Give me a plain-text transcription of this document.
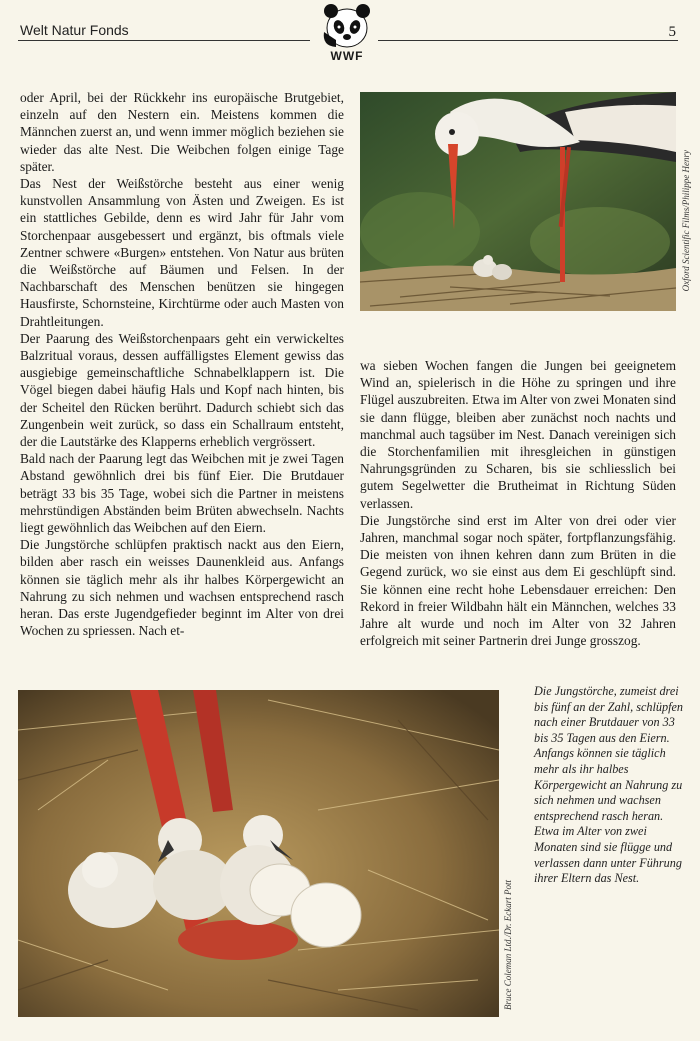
Welt Natur Fonds
WWF
5

oder April, bei der Rückkehr ins europäische Brutgebiet, einzeln auf den Nestern ein. Meistens kommen die Männchen zuerst an, und wenn immer möglich beziehen sie wieder das alte Nest. Die Weibchen folgen einige Tage später.

Das Nest der Weißstörche besteht aus einer wenig kunstvollen Ansammlung von Ästen und Zweigen. Es ist ein stattliches Gebilde, denn es wird Jahr für Jahr vom Storchenpaar ausgebessert und ergänzt, bis oftmals viele Zentner schwere «Burgen» entstehen. Von Natur aus brüten die Weißstörche auf Bäumen und Felsen. In der Nachbarschaft des Menschen benützen sie hingegen Hausfirste, Schornsteine, Kirchtürme oder auch Masten von Drahtleitungen.

Der Paarung des Weißstorchenpaars geht ein verwickeltes Balzritual voraus, dessen auffälligstes Element gewiss das ausgiebige gemeinschaftliche Schnabelklappern ist. Die Vögel biegen dabei häufig Hals und Kopf nach hinten, bis der Scheitel den Rücken berührt. Dadurch schiebt sich das Zungenbein weit zurück, so dass ein Schallraum entsteht, der die Lautstärke des Klapperns erheblich vergrössert.

Bald nach der Paarung legt das Weibchen mit je zwei Tagen Abstand gewöhnlich drei bis fünf Eier. Die Brutdauer beträgt 33 bis 35 Tage, wobei sich die Partner in meistens mehrstündigen Abständen beim Brüten abwechseln. Nachts liegt gewöhnlich das Weibchen auf den Eiern.

Die Jungstörche schlüpfen praktisch nackt aus den Eiern, bilden aber rasch ein weisses Daunenkleid aus. Anfangs können sie täglich mehr als ihr halbes Körpergewicht an Nahrung zu sich nehmen und wachsen entsprechend rasch heran. Das erste Jugendgefieder beginnt im Alter von drei Wochen zu spriessen. Nach et-

Oxford Scientific Films/Philippe Henry

wa sieben Wochen fangen die Jungen bei geeignetem Wind an, spielerisch in die Höhe zu springen und ihre Flügel auszubreiten. Etwa im Alter von zwei Monaten sind sie dann flügge, bleiben aber zunächst noch nachts und manchmal auch tagsüber im Nest. Danach vereinigen sich die Storchenfamilien mit ihresgleichen in günstigen Nahrungsgründen zu Scharen, bis sie schliesslich bei gutem Segelwetter die Brutheimat in Richtung Süden verlassen.

Die Jungstörche sind erst im Alter von drei oder vier Jahren, manchmal sogar noch später, fortpflanzungsfähig. Die meisten von ihnen kehren dann zum Brüten in die Gegend zurück, wo sie einst aus dem Ei geschlüpft sind. Sie können eine recht hohe Lebensdauer erreichen: Den Rekord in freier Wildbahn hält ein Männchen, welches 33 Jahre alt wurde und noch im Alter von 32 Jahren erfolgreich mit seiner Partnerin drei Junge grosszog.

Bruce Coleman Ltd./Dr. Eckart Pott
Die Jungstörche, zumeist drei bis fünf an der Zahl, schlüpfen nach einer Brutdauer von 33 bis 35 Tagen aus den Eiern. Anfangs können sie täglich mehr als ihr halbes Körpergewicht an Nahrung zu sich nehmen und wachsen entsprechend rasch heran. Etwa im Alter von zwei Monaten sind sie flügge und verlassen dann unter Führung ihrer Eltern das Nest.
